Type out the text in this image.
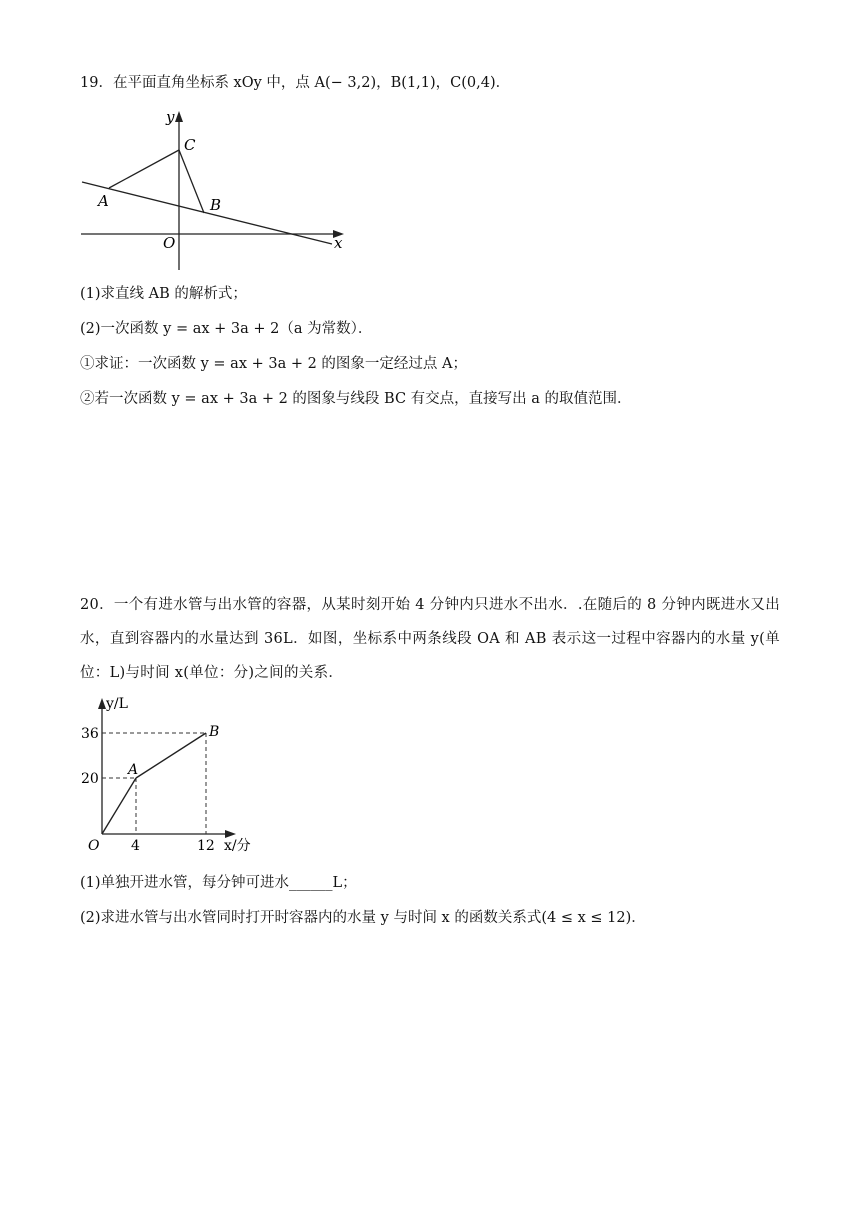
19．在平面直角坐标系 xOy 中，点 A(− 3,2)，B(1,1)，C(0,4)．
y
C
A	B
O	x
(1)求直线 AB 的解析式；
(2)一次函数 y = ax + 3a + 2（a 为常数）．
①求证：一次函数 y = ax + 3a + 2 的图象一定经过点 A；
②若一次函数 y = ax + 3a + 2 的图象与线段 BC 有交点，直接写出 a 的取值范围．
20．一个有进水管与出水管的容器，从某时刻开始 4 分钟内只进水不出水．.在随后的 8 分钟内既进水又出水，直到容器内的水量达到 36L．如图，坐标系中两条线段 OA 和 AB 表示这一过程中容器内的水量 y(单位：L)与时间 x(单位：分)之间的关系．
y/L
36
20
A
B
O 4	12 x/分
(1)单独开进水管，每分钟可进水______L；
(2)求进水管与出水管同时打开时容器内的水量 y 与时间 x 的函数关系式(4 ≤ x ≤ 12)．
